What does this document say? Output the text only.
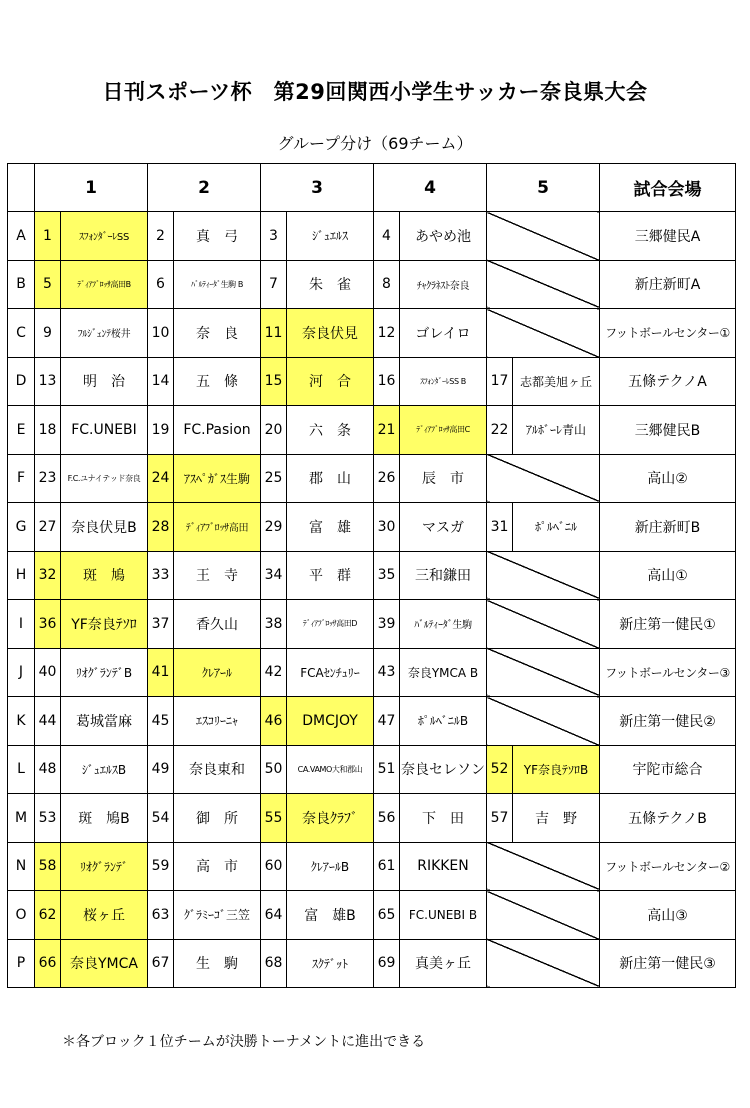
日刊スポーツ杯　第29回関西小学生サッカー奈良県大会
グループ分け（69チーム）
	1		2		3		4		5		試合会場
A	1	ｽﾌｫﾝﾀﾞｰﾚSS	2	真　弓	3	ｼﾞｭｴﾙｽ	4	あやめ池			三郷健民A
B	5	ﾃﾞｨｱﾌﾞﾛｯｻ高田B	6	ﾊﾞﾙﾃｨｰﾀﾞ生駒 B	7	朱　雀	8	ﾁｬｸﾗﾈｽﾄ奈良			新庄新町A
C	9	ﾌﾙｼﾞｪﾝﾃ桜井	10	奈　良	11	奈良伏見	12	ゴレイロ			フットボールセンター①
D	13	明　治	14	五　條	15	河　合	16	ｽﾌｫﾝﾀﾞｰﾚSS B	17	志都美旭ヶ丘	五條テクノA
E	18	FC.UNEBI	19	FC.Pasion	20	六　条	21	ﾃﾞｨｱﾌﾞﾛｯｻ高田C	22	ｱﾙﾎﾞｰﾚ青山	三郷健民B
F	23	F.C.ユナイテッド奈良	24	ｱｽﾍﾟｶﾞｽ生駒	25	郡　山	26	辰　市			高山②
G	27	奈良伏見B	28	ﾃﾞｨｱﾌﾞﾛｯｻ高田	29	富　雄	30	マスガ	31	ﾎﾟﾙﾍﾞﾆﾙ	新庄新町B
H	32	斑　鳩	33	王　寺	34	平　群	35	三和鎌田			高山①
I	36	YF奈良ﾃｿﾛ	37	香久山	38	ﾃﾞｨｱﾌﾞﾛｯｻ高田D	39	ﾊﾞﾙﾃｨｰﾀﾞ生駒			新庄第一健民①
J	40	ﾘｵｸﾞﾗﾝﾃﾞB	41	ｸﾚｱｰﾙ	42	FCAｾﾝﾁｭﾘｰ	43	奈良YMCA B			フットボールセンター③
K	44	葛城當麻	45	ｴｽｺﾘｰﾆｬ	46	DMCJOY	47	ﾎﾟﾙﾍﾞﾆﾙB			新庄第一健民②
L	48	ｼﾞｭｴﾙｽB	49	奈良東和	50	CA.VAMO大和郡山	51	奈良セレソン	52	YF奈良ﾃｿﾛB	宇陀市総合
M	53	斑　鳩B	54	御　所	55	奈良ｸﾗﾌﾞ	56	下　田	57	吉　野	五條テクノB
N	58	ﾘｵｸﾞﾗﾝﾃﾞ	59	高　市	60	ｸﾚｱｰﾙB	61	RIKKEN			フットボールセンター②
O	62	桜ヶ丘	63	ｸﾞﾗﾐｰｺﾞ三笠	64	富　雄B	65	FC.UNEBI B			高山③
P	66	奈良YMCA	67	生　駒	68	ｽｸﾃﾞｯﾄ	69	真美ヶ丘			新庄第一健民③
＊各ブロック１位チームが決勝トーナメントに進出できる
